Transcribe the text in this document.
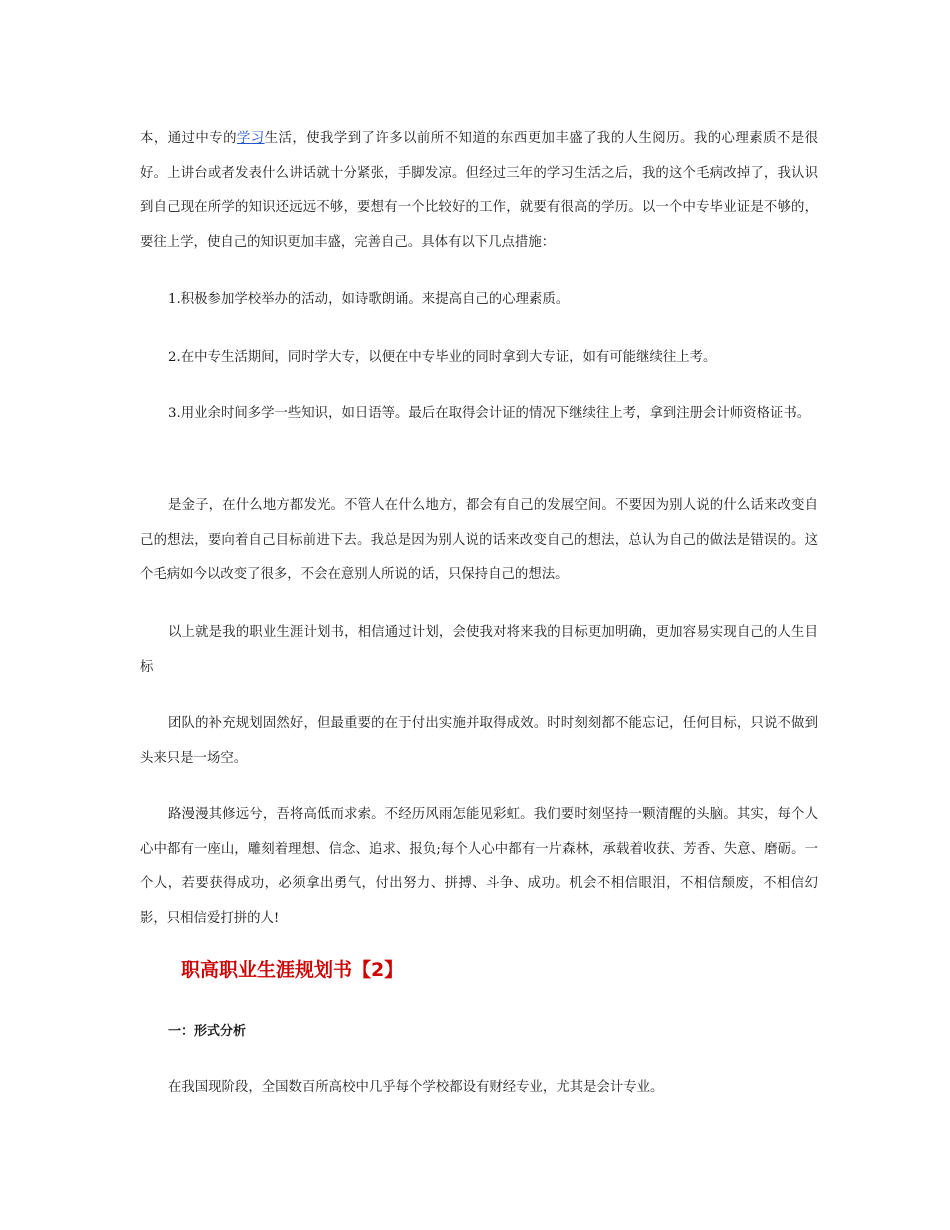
本，通过中专的学习生活，使我学到了许多以前所不知道的东西更加丰盛了我的人生阅历。我的心理素质不是很好。上讲台或者发表什么讲话就十分紧张，手脚发凉。但经过三年的学习生活之后，我的这个毛病改掉了，我认识到自己现在所学的知识还远远不够，要想有一个比较好的工作，就要有很高的学历。以一个中专毕业证是不够的，要往上学，使自己的知识更加丰盛，完善自己。具体有以下几点措施：

1.积极参加学校举办的活动，如诗歌朗诵。来提高自己的心理素质。

2.在中专生活期间，同时学大专，以便在中专毕业的同时拿到大专证，如有可能继续往上考。

3.用业余时间多学一些知识，如日语等。最后在取得会计证的情况下继续往上考，拿到注册会计师资格证书。

是金子，在什么地方都发光。不管人在什么地方，都会有自己的发展空间。不要因为别人说的什么话来改变自己的想法，要向着自己目标前进下去。我总是因为别人说的话来改变自己的想法，总认为自己的做法是错误的。这个毛病如今以改变了很多，不会在意别人所说的话，只保持自己的想法。

以上就是我的职业生涯计划书，相信通过计划，会使我对将来我的目标更加明确，更加容易实现自己的人生目标

团队的补充规划固然好，但最重要的在于付出实施并取得成效。时时刻刻都不能忘记，任何目标，只说不做到头来只是一场空。

路漫漫其修远兮，吾将高低而求索。不经历风雨怎能见彩虹。我们要时刻坚持一颗清醒的头脑。其实，每个人心中都有一座山，雕刻着理想、信念、追求、报负;每个人心中都有一片森林，承载着收获、芳香、失意、磨砺。一个人，若要获得成功，必须拿出勇气，付出努力、拼搏、斗争、成功。机会不相信眼泪，不相信颓废，不相信幻影，只相信爱打拼的人!

职高职业生涯规划书【2】
一：形式分析

在我国现阶段，全国数百所高校中几乎每个学校都设有财经专业，尤其是会计专业。
